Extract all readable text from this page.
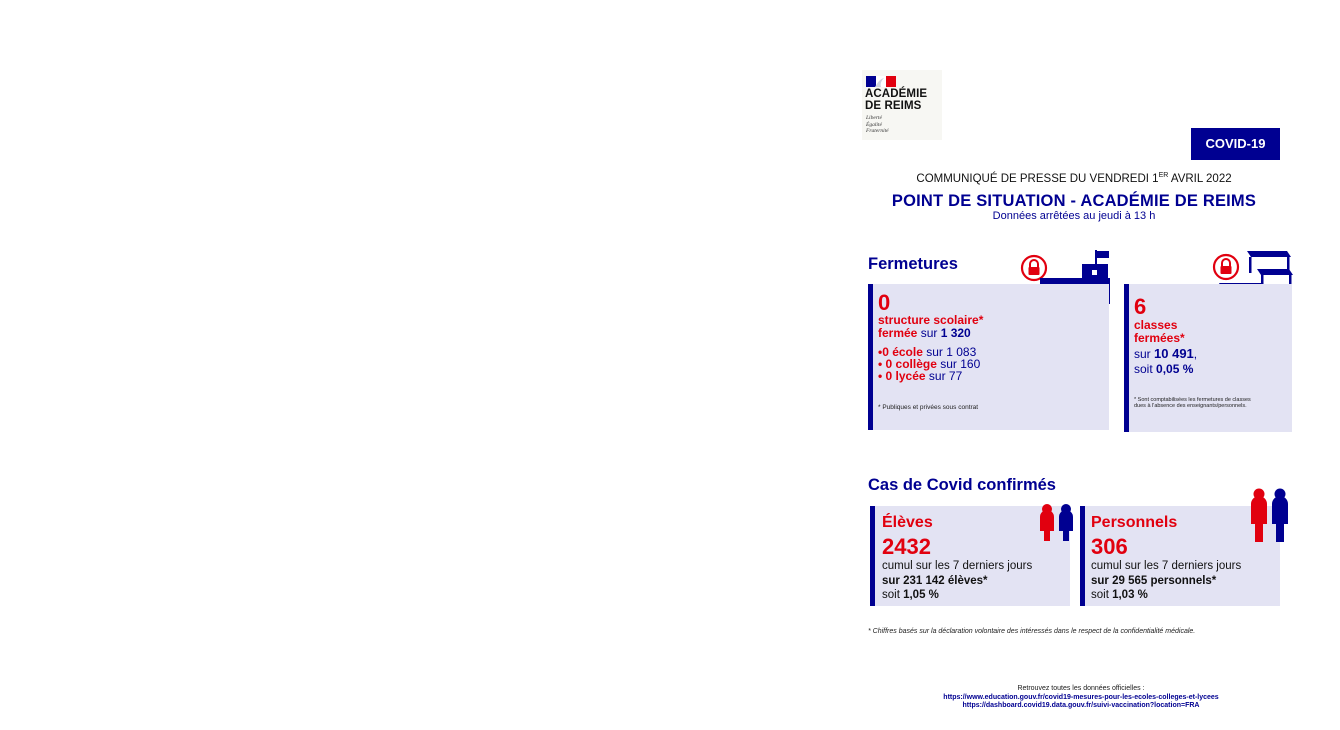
ACADÉMIE
DE REIMS
Liberté
Égalité
Fraternité
COVID-19
COMMUNIQUÉ DE PRESSE DU VENDREDI 1ER AVRIL 2022
POINT DE SITUATION - ACADÉMIE DE REIMS
Données arrêtées au jeudi à 13 h
Fermetures
0
structure scolaire*
fermée sur 1 320
•0 école sur 1 083
• 0 collège sur 160
• 0 lycée sur 77
* Publiques et privées sous contrat
6
classes
fermées*
sur 10 491,
soit 0,05 %
* Sont comptabilisées les fermetures de classes
dues à l'absence des enseignants/personnels.
Cas de Covid confirmés
Élèves
2432
cumul sur les 7 derniers jours
sur 231 142 élèves*
soit 1,05 %
Personnels
306
cumul sur les 7 derniers jours
sur 29 565 personnels*
soit 1,03 %
* Chiffres basés sur la déclaration volontaire des intéressés dans le respect de la confidentialité médicale.
Retrouvez toutes les données officielles :
https://www.education.gouv.fr/covid19-mesures-pour-les-ecoles-colleges-et-lycees
https://dashboard.covid19.data.gouv.fr/suivi-vaccination?location=FRA
